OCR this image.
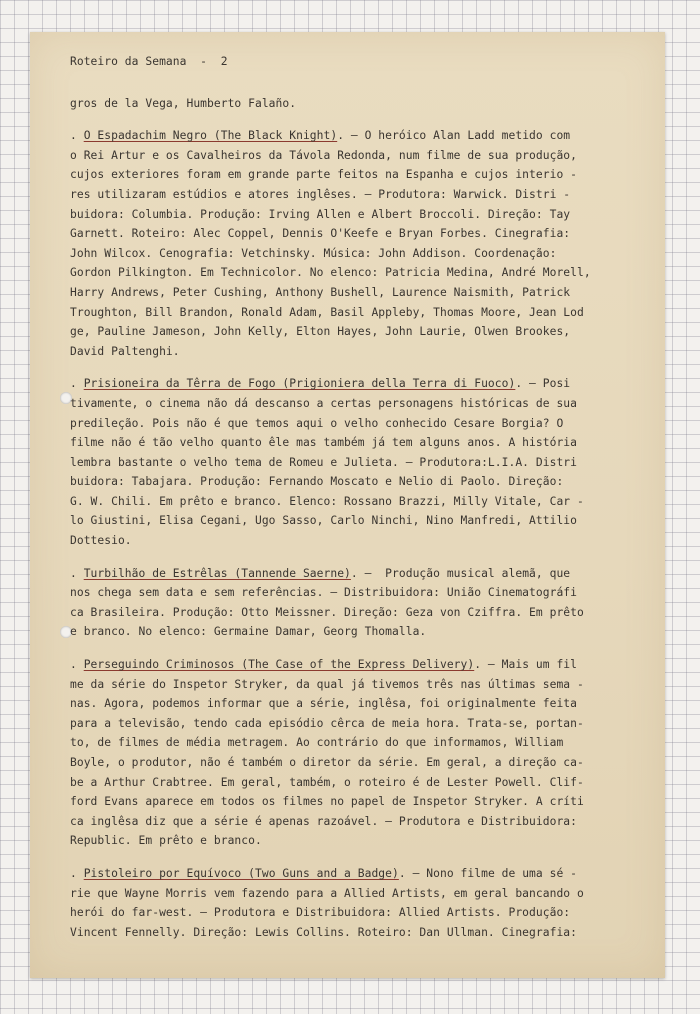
Roteiro da Semana  -  2
gros de la Vega, Humberto Falaño.
. O Espadachim Negro (The Black Knight). — O heróico Alan Ladd metido com
o Rei Artur e os Cavalheiros da Távola Redonda, num filme de sua produção,
cujos exteriores foram em grande parte feitos na Espanha e cujos interio -
res utilizaram estúdios e atores inglêses. — Produtora: Warwick. Distri -
buidora: Columbia. Produção: Irving Allen e Albert Broccoli. Direção: Tay
Garnett. Roteiro: Alec Coppel, Dennis O'Keefe e Bryan Forbes. Cinegrafia:
John Wilcox. Cenografia: Vetchinsky. Música: John Addison. Coordenação:
Gordon Pilkington. Em Technicolor. No elenco: Patricia Medina, André Morell,
Harry Andrews, Peter Cushing, Anthony Bushell, Laurence Naismith, Patrick
Troughton, Bill Brandon, Ronald Adam, Basil Appleby, Thomas Moore, Jean Lod
ge, Pauline Jameson, John Kelly, Elton Hayes, John Laurie, Olwen Brookes,
David Paltenghi.
. Prisioneira da Têrra de Fogo (Prigioniera della Terra di Fuoco). — Posi
tivamente, o cinema não dá descanso a certas personagens históricas de sua
predileção. Pois não é que temos aqui o velho conhecido Cesare Borgia? O
filme não é tão velho quanto êle mas também já tem alguns anos. A história
lembra bastante o velho tema de Romeu e Julieta. — Produtora:L.I.A. Distri
buidora: Tabajara. Produção: Fernando Moscato e Nelio di Paolo. Direção:
G. W. Chili. Em prêto e branco. Elenco: Rossano Brazzi, Milly Vitale, Car -
lo Giustini, Elisa Cegani, Ugo Sasso, Carlo Ninchi, Nino Manfredi, Attilio
Dottesio.
. Turbilhão de Estrêlas (Tannende Saerne). —  Produção musical alemã, que
nos chega sem data e sem referências. — Distribuidora: União Cinematográfi
ca Brasileira. Produção: Otto Meissner. Direção: Geza von Cziffra. Em prêto
e branco. No elenco: Germaine Damar, Georg Thomalla.
. Perseguindo Criminosos (The Case of the Express Delivery). — Mais um fil
me da série do Inspetor Stryker, da qual já tivemos três nas últimas sema -
nas. Agora, podemos informar que a série, inglêsa, foi originalmente feita
para a televisão, tendo cada episódio cêrca de meia hora. Trata-se, portan-
to, de filmes de média metragem. Ao contrário do que informamos, William
Boyle, o produtor, não é também o diretor da série. Em geral, a direção ca-
be a Arthur Crabtree. Em geral, também, o roteiro é de Lester Powell. Clif-
ford Evans aparece em todos os filmes no papel de Inspetor Stryker. A críti
ca inglêsa diz que a série é apenas razoável. — Produtora e Distribuidora:
Republic. Em prêto e branco.
. Pistoleiro por Equívoco (Two Guns and a Badge). — Nono filme de uma sé -
rie que Wayne Morris vem fazendo para a Allied Artists, em geral bancando o
herói do far-west. — Produtora e Distribuidora: Allied Artists. Produção:
Vincent Fennelly. Direção: Lewis Collins. Roteiro: Dan Ullman. Cinegrafia:
